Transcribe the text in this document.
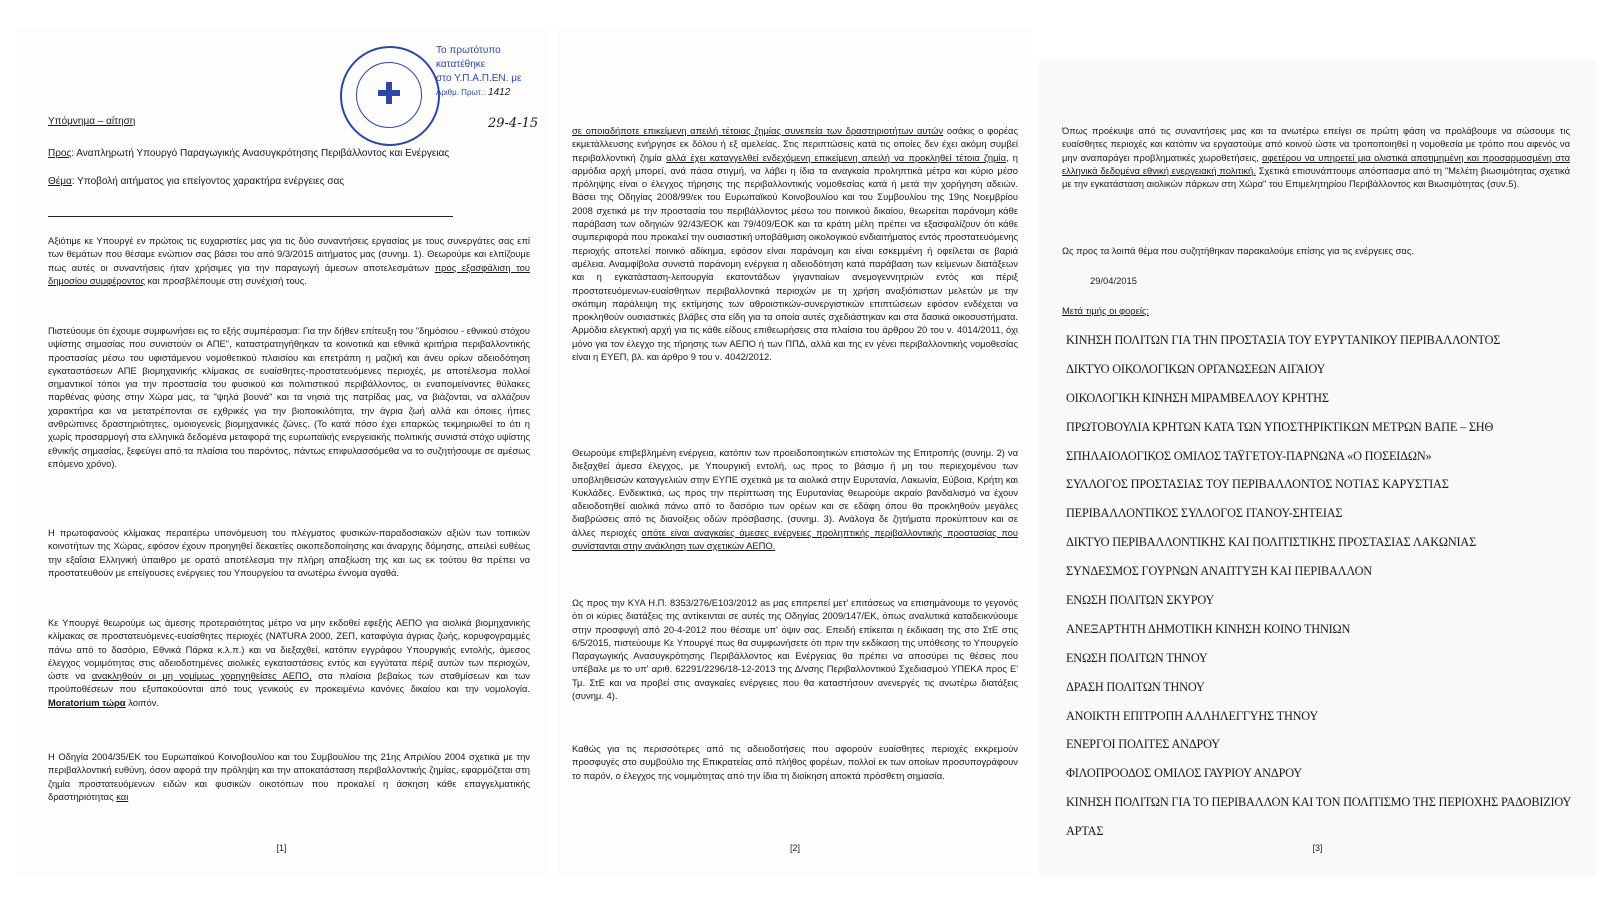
Το πρωτότυπο κατατέθηκε
στο Υ.Π.Α.Π.ΕΝ. με
Αριθμ. Πρωτ.: 1412
29-4-15

Υπόμνημα – αίτηση

Προς: Αναπληρωτή Υπουργό Παραγωγικής Ανασυγκρότησης Περιβάλλοντος και Ενέργειας

Θέμα: Υποβολή αιτήματος για επείγοντος χαρακτήρα ενέργειες σας

Αξιότιμε κε Υπουργέ εν πρώτοις τις ευχαριστίες μας για τις δύο συναντήσεις εργασίας με τους συνεργάτες σας επί των θεμάτων που θέσαμε ενώπιον σας βάσει του από 9/3/2015 αιτήματος μας (συνημ. 1). Θεωρούμε και ελπίζουμε πως αυτές οι συναντήσεις ήταν χρήσιμες για την παραγωγή άμεσων αποτελεσμάτων προς εξασφάλιση του δημοσίου συμφέροντος και προσβλέπουμε στη συνέχισή τους.

Πιστεύουμε ότι έχουμε συμφωνήσει εις το εξής συμπέρασμα: Για την δήθεν επίτευξη του "δημόσιου - εθνικού στόχου υψίστης σημασίας που συνιστούν οι ΑΠΕ", καταστρατηγήθηκαν τα κοινοτικά και εθνικά κριτήρια περιβαλλοντικής προστασίας μέσω του υφιστάμενου νομοθετικού πλαισίου και επετράπη η μαζική και άνευ ορίων αδειοδότηση εγκαταστάσεων ΑΠΕ βιομηχανικής κλίμακας σε ευαίσθητες-προστατευόμενες περιοχές, με αποτέλεσμα πολλοί σημαντικοί τόποι για την προστασία του φυσικού και πολιτιστικού περιβάλλοντος, οι εναπομείναντες θύλακες παρθένας φύσης στην Χώρα μας, τα "ψηλά βουνά" και τα νησιά της πατρίδας μας, να βιάζονται, να αλλάζουν χαρακτήρα και να μετατρέπονται σε εχθρικές για την βιοποικιλότητα, την άγρια ζωή αλλά και όποιες ήπιες ανθρώπινες δραστηριότητες, ομοιογενείς βιομηχανικές ζώνες. (Το κατά πόσο έχει επαρκώς τεκμηριωθεί το ότι η χωρίς προσαρμογή στα ελληνικά δεδομένα μεταφορά της ευρωπαϊκής ενεργειακής πολιτικής συνιστά στόχο υψίστης εθνικής σημασίας, ξεφεύγει από τα πλαίσια του παρόντος, πάντως επιφυλασσόμεθα να το συζητήσουμε σε αμέσως επόμενο χρόνο).

Η πρωτοφανούς κλίμακας περαιτέρω υπονόμευση του πλέγματος φυσικών-παραδοσιακών αξιών των τοπικών κοινοτήτων της Χώρας, εφόσον έχουν προηγηθεί δεκαετίες οικοπεδοποίησης και άναρχης δόμησης, απειλεί ευθέως την εξαΐσια Ελληνική ύπαιθρο με ορατό αποτέλεσμα την πλήρη απαξίωση της και ως εκ τούτου θα πρέπει να προστατευθούν με επείγουσες ενέργειες του Υπουργείου τα ανωτέρω έννομα αγαθά.

Κε Υπουργέ θεωρούμε ως άμεσης προτεραιότητας μέτρο να μην εκδοθεί εφεξής ΑΕΠΟ για αιολικά βιομηχανικής κλίμακας σε προστατευόμενες-ευαίσθητες περιοχές (NATURA 2000, ΖΕΠ, καταφύγια άγριας ζωής, κορυφογραμμές πάνω από το δασόριο, Εθνικά Πάρκα κ.λ.π.) και να διεξαχθεί, κατόπιν εγγράφου Υπουργικής εντολής, άμεσος έλεγχος νομιμότητας στις αδειοδοτημένες αιολικές εγκαταστάσεις εντός και εγγύτατα πέριξ αυτών των περιοχών, ώστε να ανακληθούν οι μη νομίμως χορηγηθείσες ΑΕΠΟ, στα πλαίσια βεβαίως των σταθμίσεων και των προϋποθέσεων που εξυπακούονται από τους γενικούς εν προκειμένω κανόνες δικαίου και την νομολογία. Moratorium τώρα λοιπόν.

Η Οδηγία 2004/35/ΕΚ του Ευρωπαϊκού Κοινοβουλίου και του Συμβουλίου της 21ης Απριλίου 2004 σχετικά με την περιβαλλοντική ευθύνη, όσον αφορά την πρόληψη και την αποκατάσταση περιβαλλοντικής ζημίας, εφαρμόζεται στη ζημία προστατευόμενων ειδών και φυσικών οικοτόπων που προκαλεί η άσκηση κάθε επαγγελματικής δραστηριότητας και

[1]

σε οποιαδήποτε επικείμενη απειλή τέτοιας ζημίας συνεπεία των δραστηριοτήτων αυτών οσάκις ο φορέας εκμετάλλευσης ενήργησε εκ δόλου ή εξ αμελείας. Στις περιπτώσεις κατά τις οποίες δεν έχει ακόμη συμβεί περιβαλλοντική ζημία αλλά έχει καταγγελθεί ενδεχόμενη επικείμενη απειλή να προκληθεί τέτοια ζημία, η αρμόδια αρχή μπορεί, ανά πάσα στιγμή, να λάβει η ίδια τα αναγκαία προληπτικά μέτρα και κύριο μέσο πρόληψης είναι ο έλεγχος τήρησης της περιβαλλοντικής νομοθεσίας κατά ή μετά την χορήγηση αδειών. Βάσει της Οδηγίας 2008/99/εκ του Ευρωπαϊκού Κοινοβουλίου και του Συμβουλίου της 19ης Νοεμβρίου 2008 σχετικά με την προστασία του περιβάλλοντος μέσω του ποινικού δικαίου, θεωρείται παράνομη κάθε παράβαση των οδηγιών 92/43/ΕΟΚ και 79/409/ΕΟΚ και τα κράτη μέλη πρέπει να εξασφαλίζουν ότι κάθε συμπεριφορά που προκαλεί την ουσιαστική υποβάθμιση οικολογικού ενδιαιτήματος εντός προστατευόμενης περιοχής αποτελεί ποινικό αδίκημα, εφόσον είναι παράνομη και είναι εσκεμμένη ή οφείλεται σε βαριά αμέλεια. Αναμφίβολα συνιστά παράνομη ενέργεια η αδειοδότηση κατά παράβαση των κείμενων διατάξεων και η εγκατάσταση-λειτουργία εκατοντάδων γιγαντιαίων ανεμογεννητριών εντός και πέριξ προστατευόμενων-ευαίσθητων περιβαλλοντικά περιοχών με τη χρήση αναξιόπιστων μελετών με την σκόπιμη παράλειψη της εκτίμησης των αθροιστικών-συνεργιστικών επιπτώσεων εφόσον ενδέχεται να προκληθούν ουσιαστικές βλάβες στα είδη για τα οποία αυτές σχεδιάστηκαν και στα δασικά οικοσυστήματα. Αρμόδια ελεγκτική αρχή για τις κάθε είδους επιθεωρήσεις στα πλαίσια του άρθρου 20 του ν. 4014/2011, όχι μόνο για τον έλεγχο της τήρησης των ΑΕΠΟ ή των ΠΠΔ, αλλά και της εν γένει περιβαλλοντικής νομοθεσίας είναι η ΕΥΕΠ, βλ. και άρθρο 9 του ν. 4042/2012.

Θεωρούμε επιβεβλημένη ενέργεια, κατόπιν των προειδοποιητικών επιστολών της Επιτροπής (συνημ. 2) να διεξαχθεί άμεσα έλεγχος, με Υπουργική εντολή, ως προς το βάσιμο ή μη του περιεχομένου των υποβληθεισών καταγγελιών στην ΕΥΠΕ σχετικά με τα αιολικά στην Ευρυτανία, Λακωνία, Εύβοια, Κρήτη και Κυκλάδες. Ενδεικτικά, ως προς την περίπτωση της Ευρυτανίας θεωρούμε ακραίο βανδαλισμό να έχουν αδειοδοτηθεί αιολικά πάνω από το δασόριο των ορέων και σε εδάφη όπου θα προκληθούν μεγάλες διαβρώσεις από τις διανοίξεις οδών πρόσβασης. (συνημ. 3). Ανάλογα δε ζητήματα προκύπτουν και σε άλλες περιοχές οπότε είναι αναγκαίες άμεσες ενέργειες προληπτικής περιβαλλοντικής προστασίας που συνίστανται στην ανάκληση των σχετικών ΑΕΠΟ.

Ως προς την ΚΥΑ Η.Π. 8353/276/Ε103/2012 as μας επιτρεπεί μετ' επιτάσεως να επισημάνουμε το γεγονός ότι οι κύριες διατάξεις της αντίκεινται σε αυτές της Οδηγίας 2009/147/ΕΚ, όπως αναλυτικά καταδεικνύουμε στην προσφυγή από 20-4-2012 που θέσαμε υπ' όψιν σας. Επειδή επίκειται η έκδικαση της στο ΣτΕ στις 6/5/2015, πιστεύουμε Κε Υπουργέ πως θα συμφωνήσετε ότι πριν την εκδίκαση της υπόθεσης το Υπουργείο Παραγωγικής Ανασυγκρότησης Περιβάλλοντος και Ενέργειας θα πρέπει να αποσύρει τις θέσεις που υπέβαλε με το υπ' αριθ. 62291/2296/18-12-2013 της Δ/νσης Περιβαλλοντικού Σχεδιασμού ΥΠΕΚΑ προς Ε' Τμ. ΣτΕ και να προβεί στις αναγκαίες ενέργειες που θα καταστήσουν ανενεργές τις ανωτέρω διατάξεις (συνημ. 4).

Καθώς για τις περισσότερες από τις αδειοδοτήσεις που αφορούν ευαίσθητες περιοχές εκκρεμούν προσφυγές στο συμβούλιο της Επικρατείας από πλήθος φορέων, πολλοί εκ των οποίων προσυπογράφουν το παρόν, ο έλεγχος της νομιμότητας από την ίδια τη διοίκηση αποκτά πρόσθετη σημασία.

[2]

Όπως προέκυψε από τις συναντήσεις μας και τα ανωτέρω επείγει σε πρώτη φάση να προλάβουμε να σώσουμε τις ευαίσθητες περιοχές και κατόπιν να εργαστούμε από κοινού ώστε να τροποποιηθεί η νομοθεσία με τρόπο που αφενός να μην αναπαράγει προβληματικές χωροθετήσεις, αφετέρου να υπηρετεί μια ολιστικά αποτιμημένη και προσαρμοσμένη στα ελληνικά δεδομένα εθνική ενεργειακή πολιτική. Σχετικά επισυνάπτουμε απόσπασμα από τη "Μελέτη βιωσιμότητας σχετικά με την εγκατάσταση αιολικών πάρκων στη Χώρα" του Επιμελητηρίου Περιβάλλοντος και Βιωσιμότητας (συν.5).

Ως προς τα λοιπά θέμα που συζητήθηκαν παρακαλούμε επίσης για τις ενέργειες σας.

29/04/2015

Μετά τιμής οι φορείς:

ΚΙΝΗΣΗ ΠΟΛΙΤΩΝ ΓΙΑ ΤΗΝ ΠΡΟΣΤΑΣΙΑ ΤΟΥ ΕΥΡΥΤΑΝΙΚΟΥ ΠΕΡΙΒΑΛΛΟΝΤΟΣ
ΔΙΚΤΥΟ ΟΙΚΟΛΟΓΙΚΩΝ ΟΡΓΑΝΩΣΕΩΝ ΑΙΓΑΙΟΥ
ΟΙΚΟΛΟΓΙΚΗ ΚΙΝΗΣΗ ΜΙΡΑΜΒΕΛΛΟΥ ΚΡΗΤΗΣ
ΠΡΩΤΟΒΟΥΛΙΑ ΚΡΗΤΩΝ ΚΑΤΑ ΤΩΝ ΥΠΟΣΤΗΡΙΚΤΙΚΩΝ ΜΕΤΡΩΝ ΒΑΠΕ – ΣΗΘ
ΣΠΗΛΑΙΟΛΟΓΙΚΟΣ ΟΜΙΛΟΣ ΤΑΫΓΕΤΟΥ-ΠΑΡΝΩΝΑ «Ο ΠΟΣΕΙΔΩΝ»
ΣΥΛΛΟΓΟΣ ΠΡΟΣΤΑΣΙΑΣ ΤΟΥ ΠΕΡΙΒΑΛΛΟΝΤΟΣ ΝΟΤΙΑΣ ΚΑΡΥΣΤΙΑΣ
ΠΕΡΙΒΑΛΛΟΝΤΙΚΟΣ ΣΥΛΛΟΓΟΣ ΙΤΑΝΟΥ-ΣΗΤΕΙΑΣ
ΔΙΚΤΥΟ ΠΕΡΙΒΑΛΛΟΝΤΙΚΗΣ ΚΑΙ ΠΟΛΙΤΙΣΤΙΚΗΣ ΠΡΟΣΤΑΣΙΑΣ ΛΑΚΩΝΙΑΣ
ΣΥΝΔΕΣΜΟΣ ΓΟΥΡΝΩΝ ΑΝΑΠΤΥΞΗ ΚΑΙ ΠΕΡΙΒΑΛΛΟΝ
ΕΝΩΣΗ ΠΟΛΙΤΩΝ ΣΚΥΡΟΥ
ΑΝΕΞΑΡΤΗΤΗ ΔΗΜΟΤΙΚΗ ΚΙΝΗΣΗ ΚΟΙΝΟ ΤΗΝΙΩΝ
ΕΝΩΣΗ ΠΟΛΙΤΩΝ ΤΗΝΟΥ
ΔΡΑΣΗ ΠΟΛΙΤΩΝ ΤΗΝΟΥ
ΑΝΟΙΚΤΗ ΕΠΙΤΡΟΠΗ ΑΛΛΗΛΕΓΓΥΗΣ ΤΗΝΟΥ
ΕΝΕΡΓΟΙ ΠΟΛΙΤΕΣ ΑΝΔΡΟΥ
ΦΙΛΟΠΡΟΟΔΟΣ ΟΜΙΛΟΣ ΓΑΥΡΙΟΥ ΑΝΔΡΟΥ
ΚΙΝΗΣΗ ΠΟΛΙΤΩΝ ΓΙΑ ΤΟ ΠΕΡΙΒΑΛΛΟΝ ΚΑΙ ΤΟΝ ΠΟΛΙΤΙΣΜΟ ΤΗΣ ΠΕΡΙΟΧΗΣ ΡΑΔΟΒΙΖΙΟΥ
ΑΡΤΑΣ
[3]
